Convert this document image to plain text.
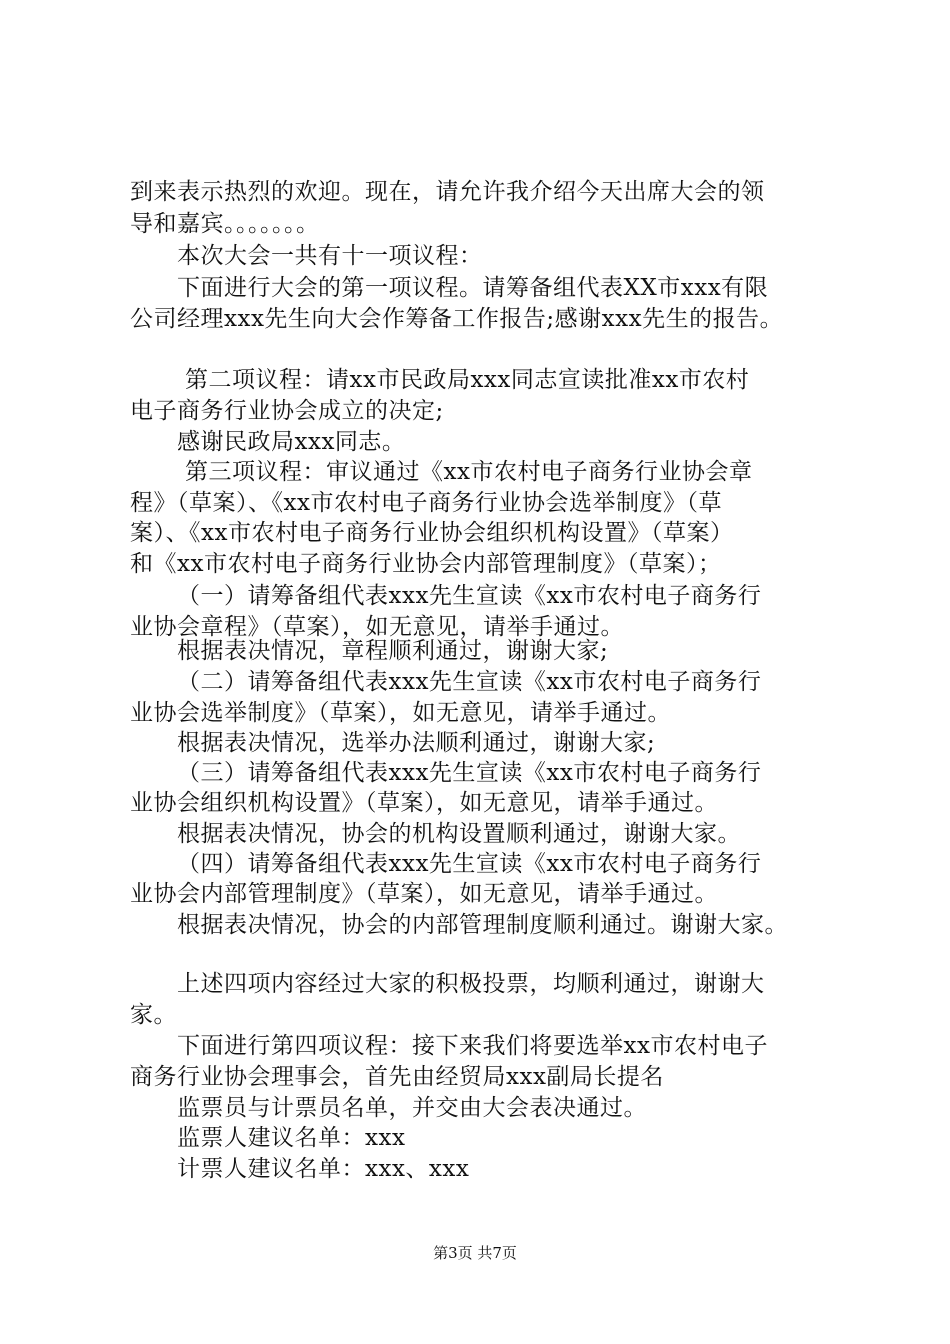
到来表示热烈的欢迎。现在，请允许我介绍今天出席大会的领
导和嘉宾。。。。。。。
本次大会一共有十一项议程：
下面进行大会的第一项议程。请筹备组代表XX市xxx有限
公司经理xxx先生向大会作筹备工作报告;感谢xxx先生的报告。
第二项议程：请xx市民政局xxx同志宣读批准xx市农村
电子商务行业协会成立的决定;
感谢民政局xxx同志。
第三项议程：审议通过《xx市农村电子商务行业协会章
程》（草案）、《xx市农村电子商务行业协会选举制度》（草
案）、《xx市农村电子商务行业协会组织机构设置》（草案）
和《xx市农村电子商务行业协会内部管理制度》（草案）；
（一）请筹备组代表xxx先生宣读《xx市农村电子商务行
业协会章程》（草案），如无意见，请举手通过。
根据表决情况，章程顺利通过，谢谢大家;
（二）请筹备组代表xxx先生宣读《xx市农村电子商务行
业协会选举制度》（草案），如无意见，请举手通过。
根据表决情况，选举办法顺利通过，谢谢大家;
（三）请筹备组代表xxx先生宣读《xx市农村电子商务行
业协会组织机构设置》（草案），如无意见，请举手通过。
根据表决情况，协会的机构设置顺利通过，谢谢大家。
（四）请筹备组代表xxx先生宣读《xx市农村电子商务行
业协会内部管理制度》（草案），如无意见，请举手通过。
根据表决情况，协会的内部管理制度顺利通过。谢谢大家。
上述四项内容经过大家的积极投票，均顺利通过，谢谢大
家。
下面进行第四项议程：接下来我们将要选举xx市农村电子
商务行业协会理事会，首先由经贸局xxx副局长提名
监票员与计票员名单，并交由大会表决通过。
监票人建议名单：xxx
计票人建议名单：xxx、xxx
第3页 共7页
